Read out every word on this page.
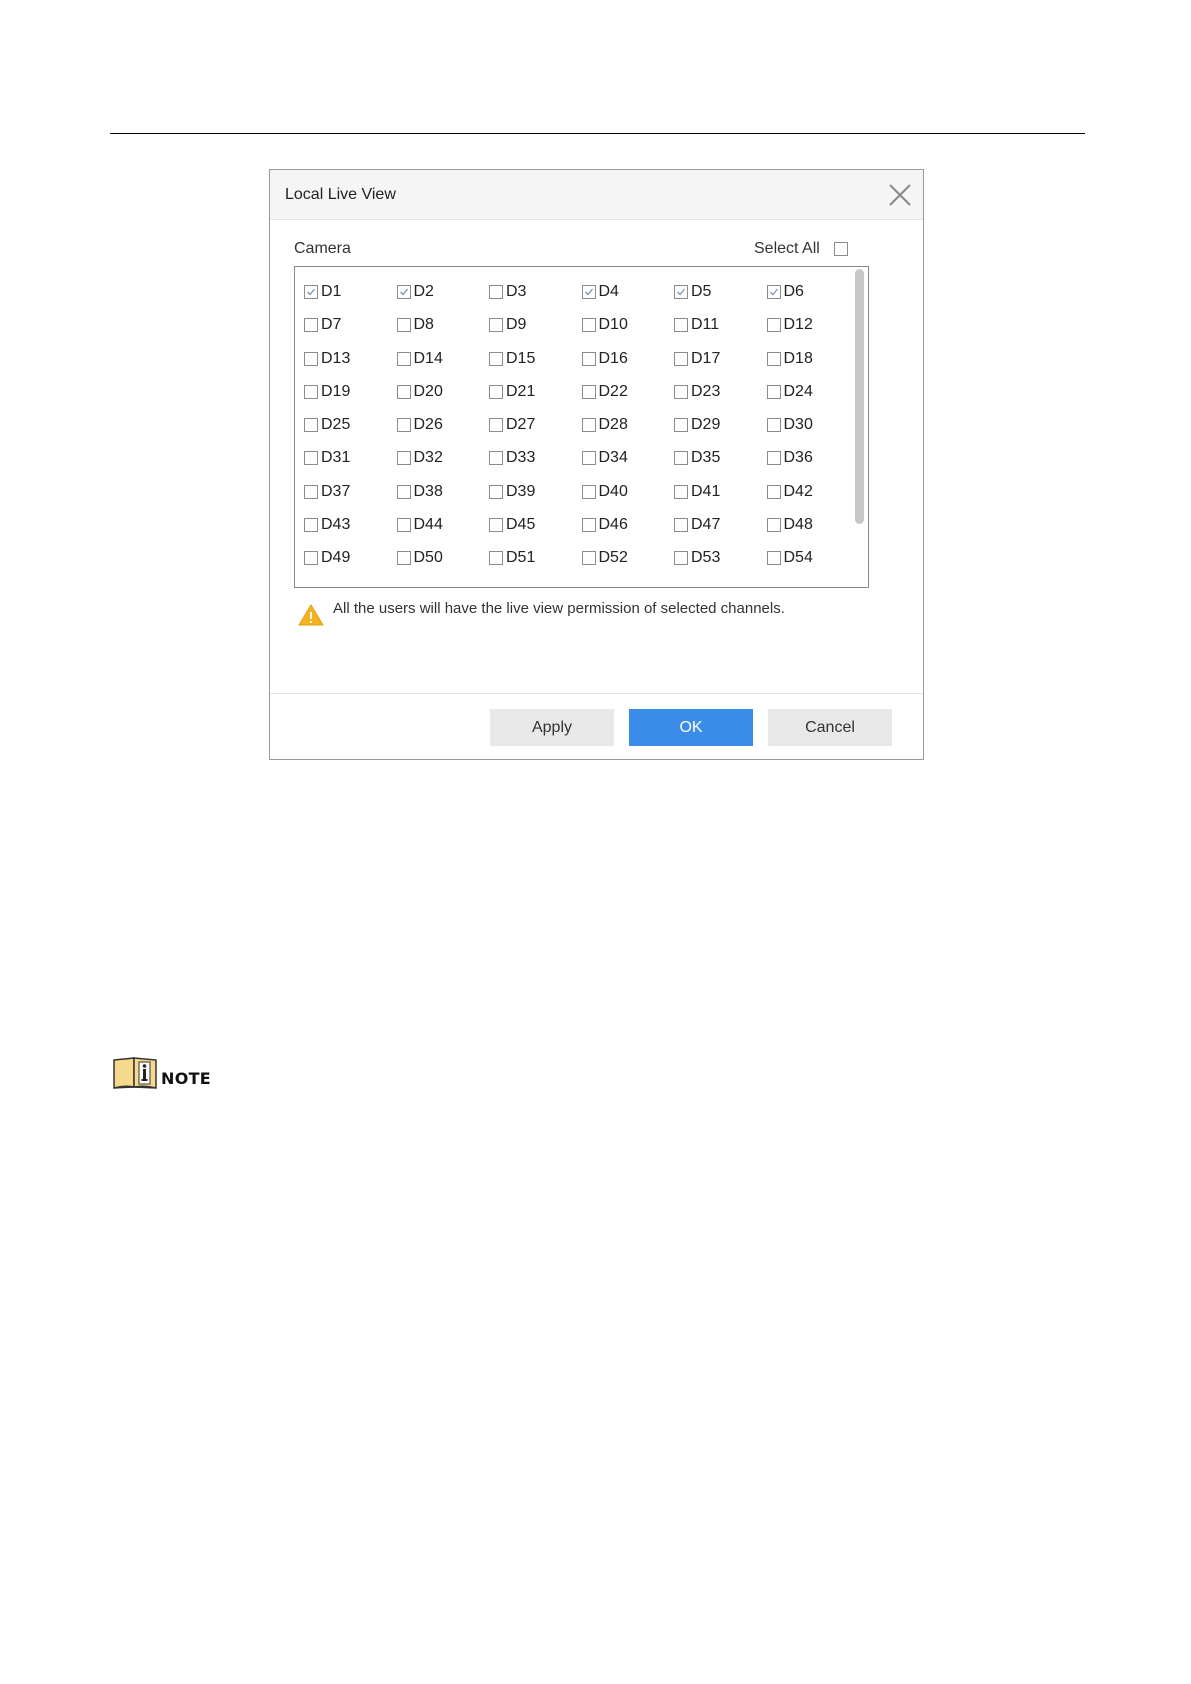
Local Live View
Camera	Select All
D1	D2	D3	D4	D5	D6
D7	D8	D9	D10	D11	D12
D13	D14	D15	D16	D17	D18
D19	D20	D21	D22	D23	D24
D25	D26	D27	D28	D29	D30
D31	D32	D33	D34	D35	D36
D37	D38	D39	D40	D41	D42
D43	D44	D45	D46	D47	D48
D49	D50	D51	D52	D53	D54
All the users will have the live view permission of selected channels.
Apply	OK	Cancel
NOTE
